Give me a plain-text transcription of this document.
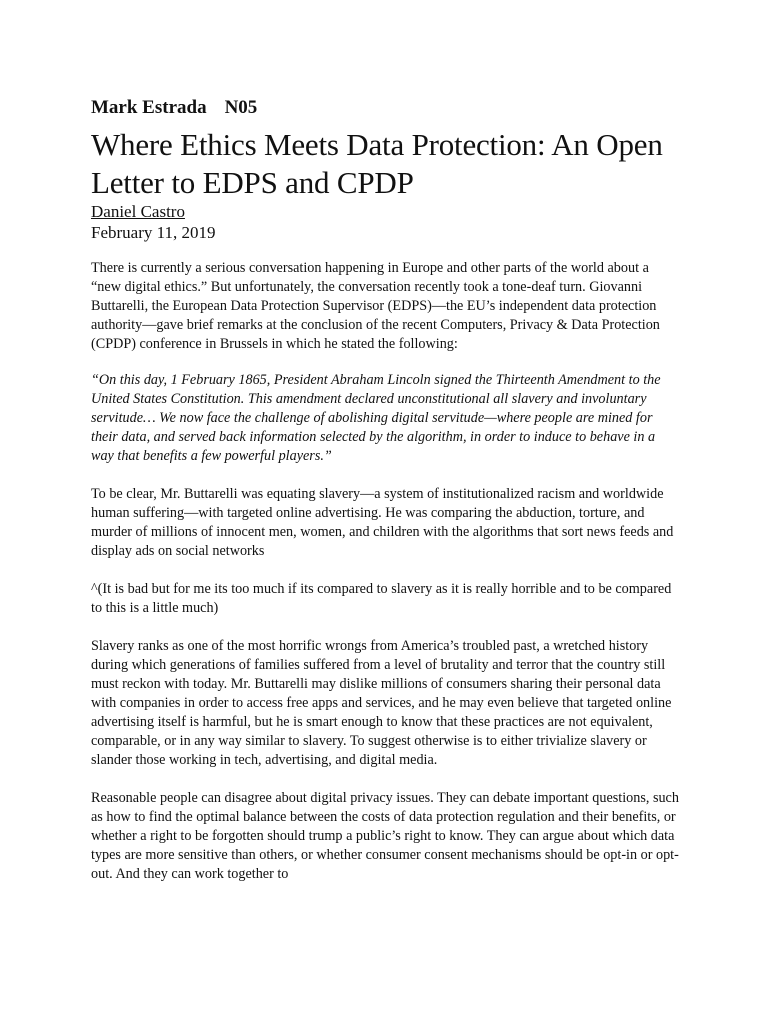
Mark Estrada N05

Where Ethics Meets Data Protection: An Open Letter to EDPS and CPDP
Daniel Castro

February 11, 2019

There is currently a serious conversation happening in Europe and other parts of the world about a “new digital ethics.” But unfortunately, the conversation recently took a tone-deaf turn. Giovanni Buttarelli, the European Data Protection Supervisor (EDPS)—the EU’s independent data protection authority—gave brief remarks at the conclusion of the recent Computers, Privacy & Data Protection (CPDP) conference in Brussels in which he stated the following:

“On this day, 1 February 1865, President Abraham Lincoln signed the Thirteenth Amendment to the United States Constitution. This amendment declared unconstitutional all slavery and involuntary servitude… We now face the challenge of abolishing digital servitude—where people are mined for their data, and served back information selected by the algorithm, in order to induce to behave in a way that benefits a few powerful players.”

To be clear, Mr. Buttarelli was equating slavery—a system of institutionalized racism and worldwide human suffering—with targeted online advertising. He was comparing the abduction, torture, and murder of millions of innocent men, women, and children with the algorithms that sort news feeds and display ads on social networks

^(It is bad but for me its too much if its compared to slavery as it is really horrible and to be compared to this is a little much)

Slavery ranks as one of the most horrific wrongs from America’s troubled past, a wretched history during which generations of families suffered from a level of brutality and terror that the country still must reckon with today. Mr. Buttarelli may dislike millions of consumers sharing their personal data with companies in order to access free apps and services, and he may even believe that targeted online advertising itself is harmful, but he is smart enough to know that these practices are not equivalent, comparable, or in any way similar to slavery. To suggest otherwise is to either trivialize slavery or slander those working in tech, advertising, and digital media.

Reasonable people can disagree about digital privacy issues. They can debate important questions, such as how to find the optimal balance between the costs of data protection regulation and their benefits, or whether a right to be forgotten should trump a public’s right to know. They can argue about which data types are more sensitive than others, or whether consumer consent mechanisms should be opt-in or opt-out. And they can work together to
